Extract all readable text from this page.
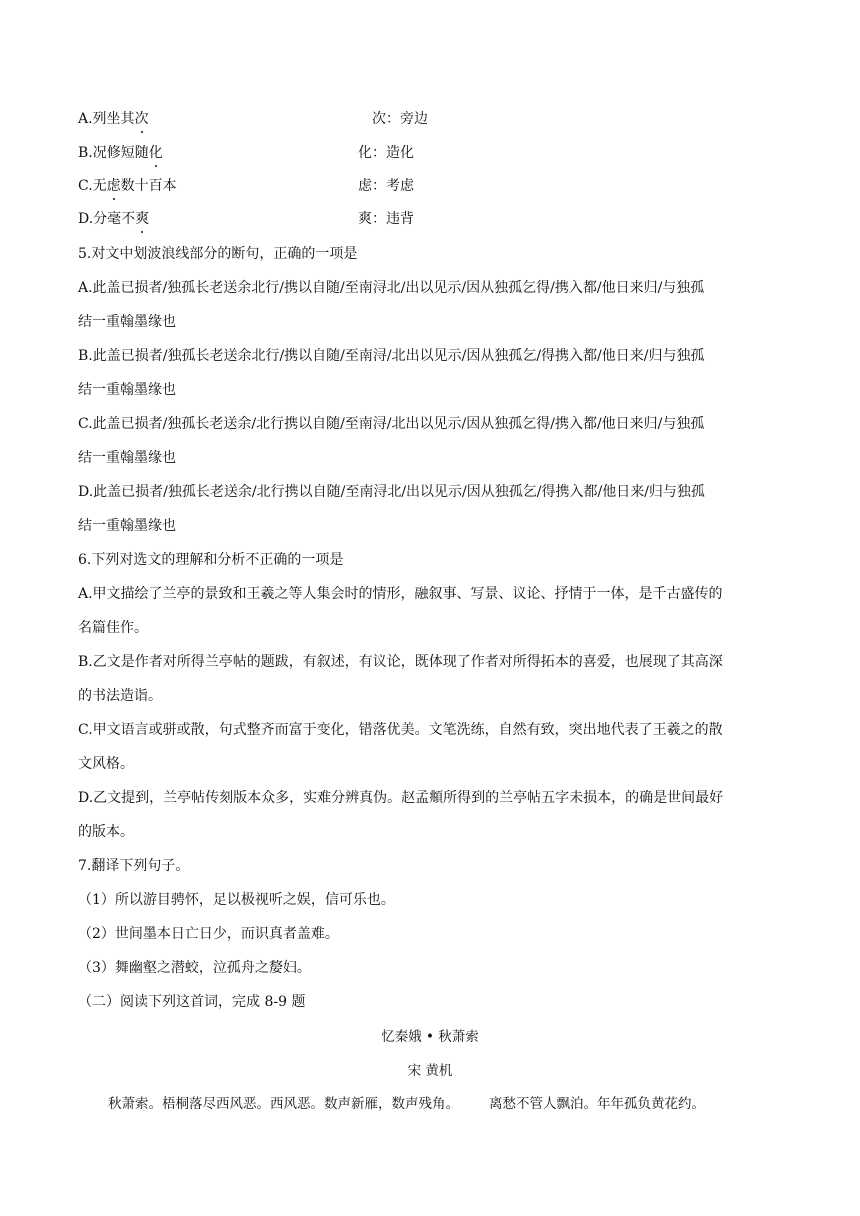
A.列坐其次	次：旁边
B.况修短随化	化：造化
C.无虑数十百本	虑：考虑
D.分毫不爽	爽：违背
5.对文中划波浪线部分的断句，正确的一项是
A.此盖已损者/独孤长老送余北行/携以自随/至南浔北/出以见示/因从独孤乞得/携入都/他日来归/与独孤
结一重翰墨缘也
B.此盖已损者/独孤长老送余北行/携以自随/至南浔/北出以见示/因从独孤乞/得携入都/他日来/归与独孤
结一重翰墨缘也
C.此盖已损者/独孤长老送余/北行携以自随/至南浔/北出以见示/因从独孤乞得/携入都/他日来归/与独孤
结一重翰墨缘也
D.此盖已损者/独孤长老送余/北行携以自随/至南浔北/出以见示/因从独孤乞/得携入都/他日来/归与独孤
结一重翰墨缘也
6.下列对选文的理解和分析不正确的一项是
A.甲文描绘了兰亭的景致和王羲之等人集会时的情形，融叙事、写景、议论、抒情于一体，是千古盛传的
名篇佳作。
B.乙文是作者对所得兰亭帖的题跋，有叙述，有议论，既体现了作者对所得拓本的喜爱，也展现了其高深
的书法造诣。
C.甲文语言或骈或散，句式整齐而富于变化，错落优美。文笔洗练，自然有致，突出地代表了王羲之的散
文风格。
D.乙文提到，兰亭帖传刻版本众多，实难分辨真伪。赵孟頫所得到的兰亭帖五字未损本，的确是世间最好
的版本。
7.翻译下列句子。
（1）所以游目骋怀，足以极视听之娱，信可乐也。
（2）世间墨本日亡日少，而识真者盖难。
（3）舞幽壑之潜蛟，泣孤舟之嫠妇。
（二）阅读下列这首词，完成 8-9 题
忆秦娥 • 秋萧索
宋 黄机
秋萧索。梧桐落尽西风恶。西风恶。数声新雁，数声残角。 离愁不管人飘泊。年年孤负黄花约。
